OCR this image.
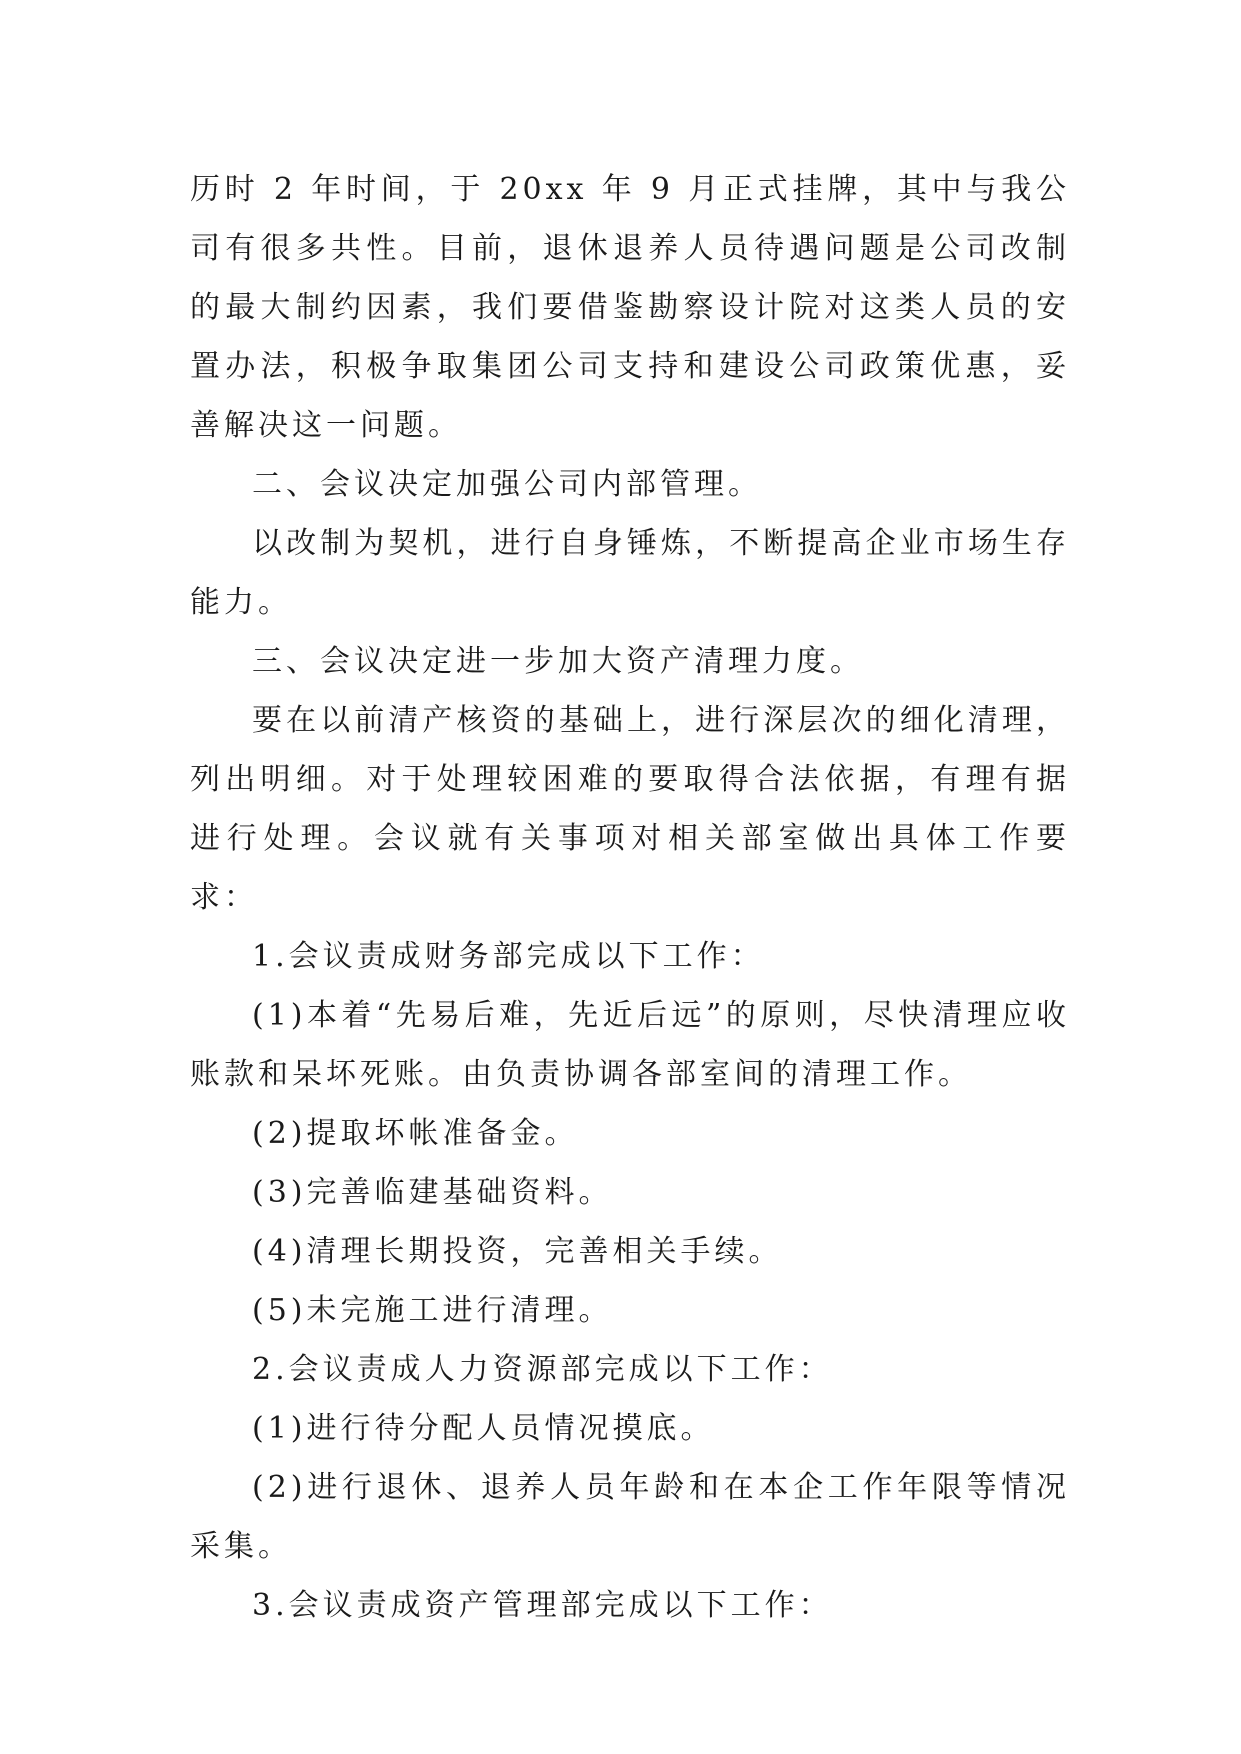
历时 2 年时间，于 20xx 年 9 月正式挂牌，其中与我公司有很多共性。目前，退休退养人员待遇问题是公司改制的最大制约因素，我们要借鉴勘察设计院对这类人员的安置办法，积极争取集团公司支持和建设公司政策优惠，妥善解决这一问题。

二、会议决定加强公司内部管理。

以改制为契机，进行自身锤炼，不断提高企业市场生存能力。

三、会议决定进一步加大资产清理力度。

要在以前清产核资的基础上，进行深层次的细化清理，列出明细。对于处理较困难的要取得合法依据，有理有据进行处理。会议就有关事项对相关部室做出具体工作要求：

1.会议责成财务部完成以下工作：

(1)本着“先易后难，先近后远”的原则，尽快清理应收账款和呆坏死账。由负责协调各部室间的清理工作。

(2)提取坏帐准备金。

(3)完善临建基础资料。

(4)清理长期投资，完善相关手续。

(5)未完施工进行清理。

2.会议责成人力资源部完成以下工作：

(1)进行待分配人员情况摸底。

(2)进行退休、退养人员年龄和在本企工作年限等情况采集。

3.会议责成资产管理部完成以下工作：
